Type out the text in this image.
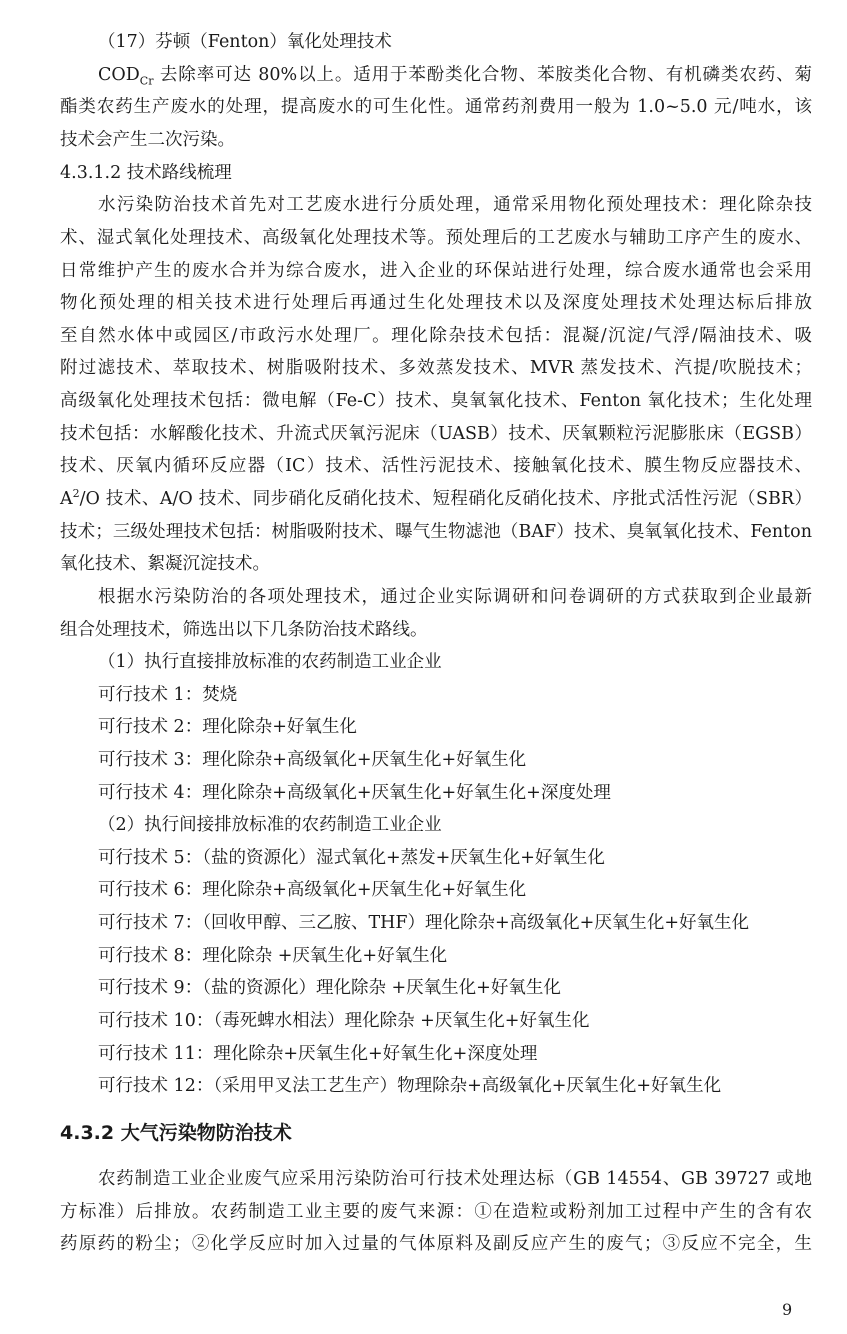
（17）芬顿（Fenton）氧化处理技术
$COD_{Cr}$ 去除率可达 80%以上。适用于苯酚类化合物、苯胺类化合物、有机磷类农药、菊
酯类农药生产废水的处理，提高废水的可生化性。通常药剂费用一般为 1.0~5.0 元/吨水，该
技术会产生二次污染。
4.3.1.2 技术路线梳理
水污染防治技术首先对工艺废水进行分质处理，通常采用物化预处理技术：理化除杂技
术、湿式氧化处理技术、高级氧化处理技术等。预处理后的工艺废水与辅助工序产生的废水、
日常维护产生的废水合并为综合废水，进入企业的环保站进行处理，综合废水通常也会采用
物化预处理的相关技术进行处理后再通过生化处理技术以及深度处理技术处理达标后排放
至自然水体中或园区/市政污水处理厂。理化除杂技术包括：混凝/沉淀/气浮/隔油技术、吸
附过滤技术、萃取技术、树脂吸附技术、多效蒸发技术、MVR 蒸发技术、汽提/吹脱技术；
高级氧化处理技术包括：微电解（Fe-C）技术、臭氧氧化技术、Fenton 氧化技术；生化处理
技术包括：水解酸化技术、升流式厌氧污泥床（UASB）技术、厌氧颗粒污泥膨胀床（EGSB）
技术、厌氧内循环反应器（IC）技术、活性污泥技术、接触氧化技术、膜生物反应器技术、
$A^2/O$ 技术、A/O 技术、同步硝化反硝化技术、短程硝化反硝化技术、序批式活性污泥（SBR）
技术；三级处理技术包括：树脂吸附技术、曝气生物滤池（BAF）技术、臭氧氧化技术、Fenton
氧化技术、絮凝沉淀技术。
根据水污染防治的各项处理技术，通过企业实际调研和问卷调研的方式获取到企业最新
组合处理技术，筛选出以下几条防治技术路线。
（1）执行直接排放标准的农药制造工业企业
可行技术 1：焚烧
可行技术 2：理化除杂+好氧生化
可行技术 3：理化除杂+高级氧化+厌氧生化+好氧生化
可行技术 4：理化除杂+高级氧化+厌氧生化+好氧生化+深度处理
（2）执行间接排放标准的农药制造工业企业
可行技术 5：（盐的资源化）湿式氧化+蒸发+厌氧生化+好氧生化
可行技术 6：理化除杂+高级氧化+厌氧生化+好氧生化
可行技术 7：（回收甲醇、三乙胺、THF）理化除杂+高级氧化+厌氧生化+好氧生化
可行技术 8：理化除杂 +厌氧生化+好氧生化
可行技术 9：（盐的资源化）理化除杂 +厌氧生化+好氧生化
可行技术 10：（毒死蜱水相法）理化除杂 +厌氧生化+好氧生化
可行技术 11：理化除杂+厌氧生化+好氧生化+深度处理
可行技术 12：（采用甲叉法工艺生产）物理除杂+高级氧化+厌氧生化+好氧生化
4.3.2 大气污染物防治技术
农药制造工业企业废气应采用污染防治可行技术处理达标（GB 14554、GB 39727 或地
方标准）后排放。农药制造工业主要的废气来源：①在造粒或粉剂加工过程中产生的含有农
药原药的粉尘；②化学反应时加入过量的气体原料及副反应产生的废气；③反应不完全，生
9
